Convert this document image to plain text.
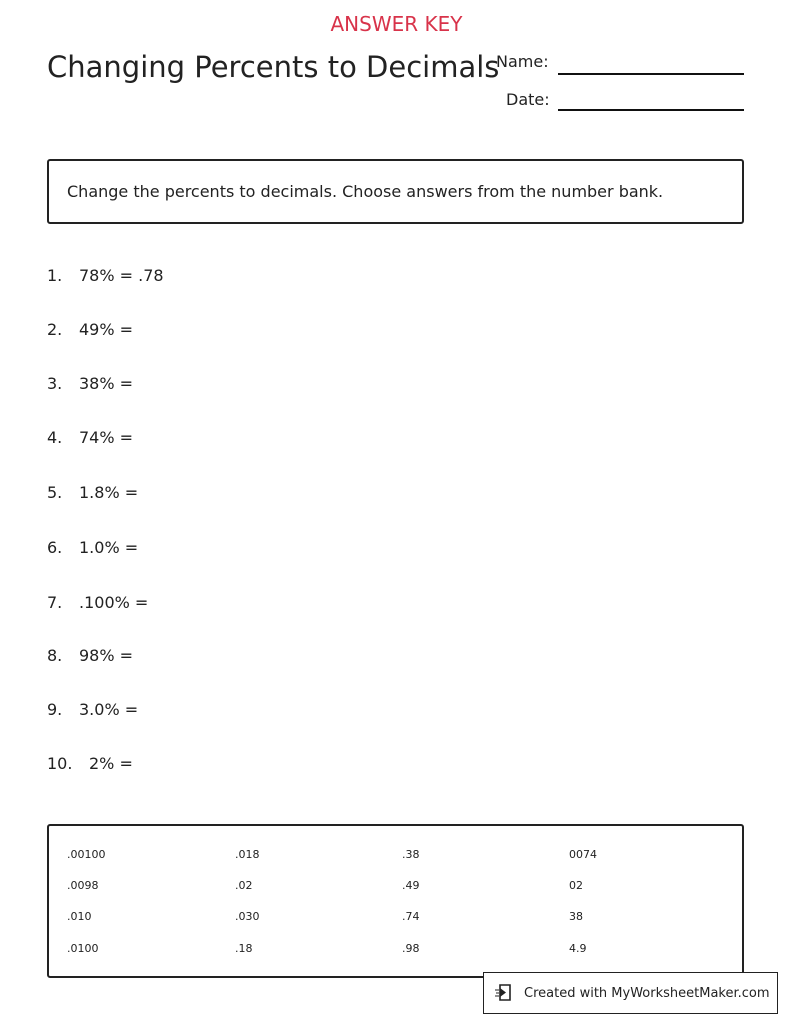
ANSWER KEY
Changing Percents to Decimals
Name:
Date:
Change the percents to decimals. Choose answers from the number bank.
1. 78% = .78
2. 49% =
3. 38% =
4. 74% =
5. 1.8% =
6. 1.0% =
7. .100% =
8. 98% =
9. 3.0% =
10. 2% =
.00100	.018	.38	0074
.0098	.02	.49	02
.010	.030	.74	38
.0100	.18	.98	4.9
Created with MyWorksheetMaker.com
